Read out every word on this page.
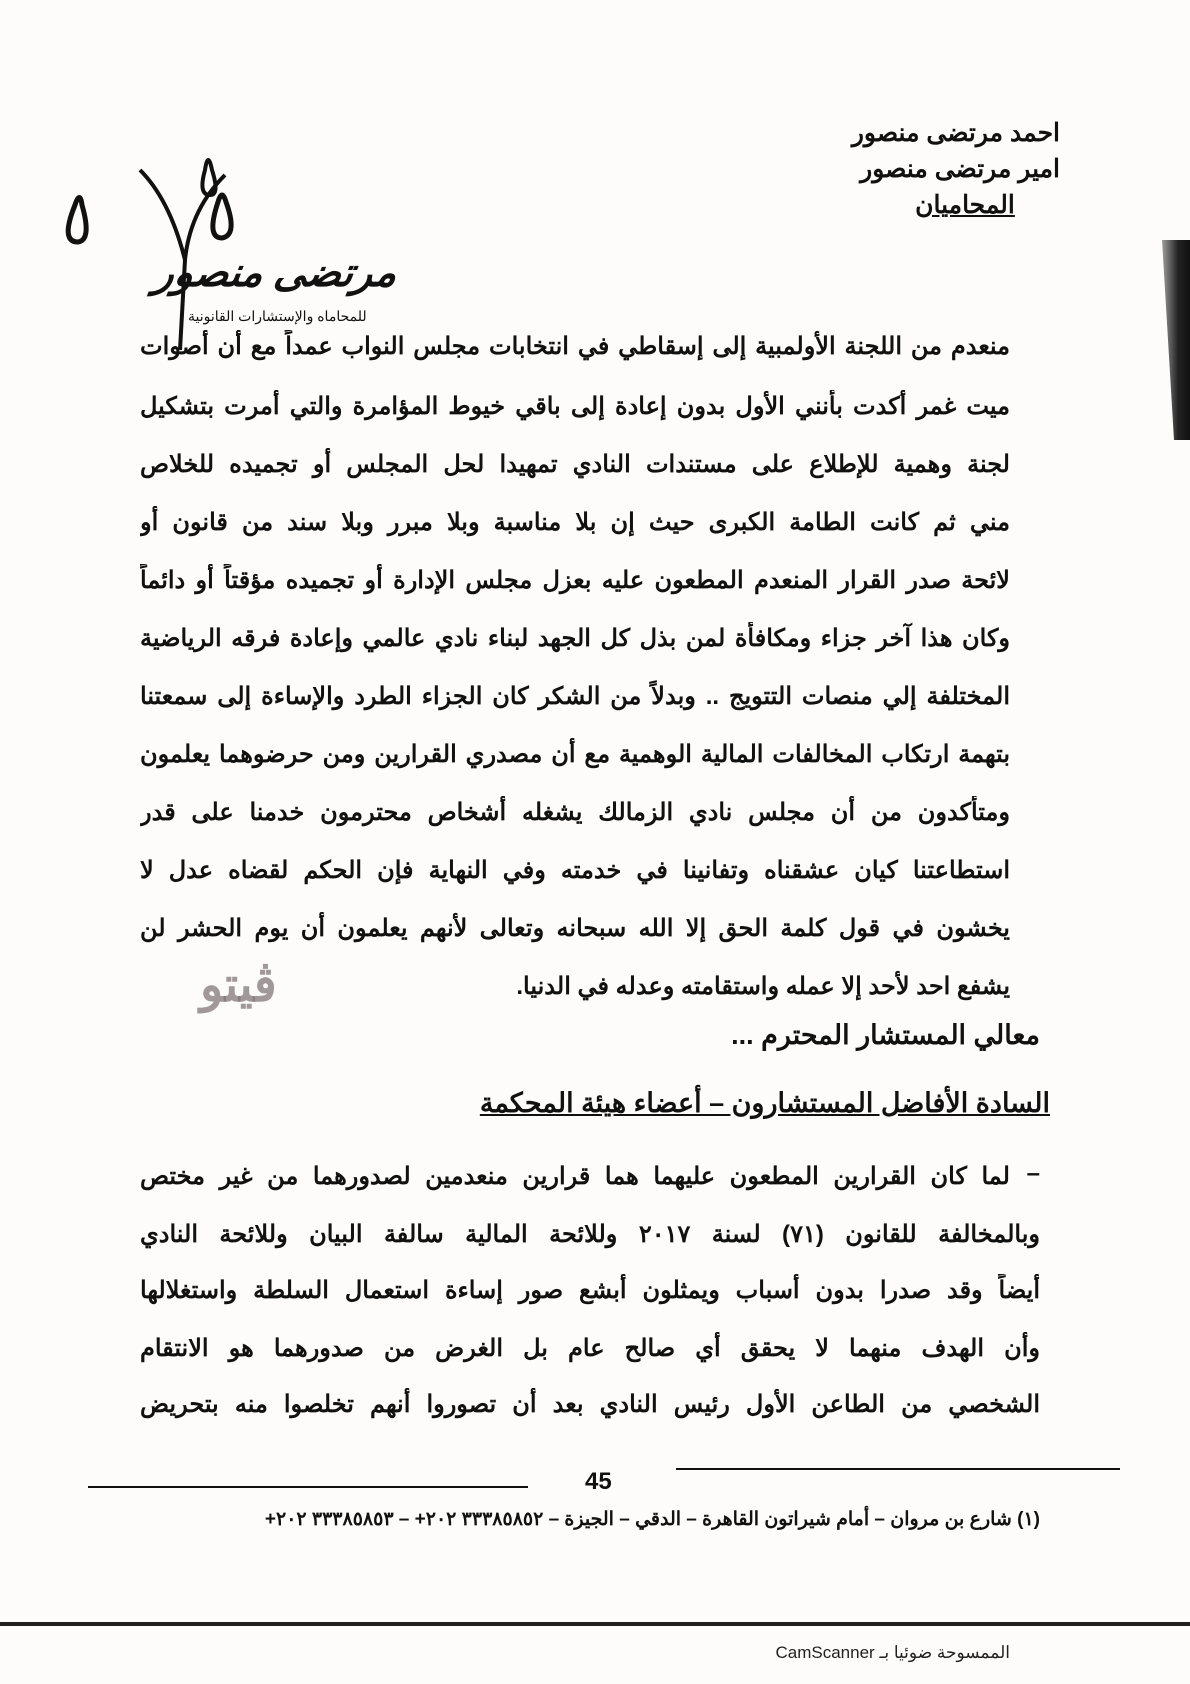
احمد مرتضى منصور
امير مرتضى منصور
المحاميان
مرتضى منصور
للمحاماه والإستشارات القانونية
منعدم من اللجنة الأولمبية إلى إسقاطي في انتخابات مجلس النواب عمداً مع أن أصوات
ميت غمر أكدت بأنني الأول بدون إعادة إلى باقي خيوط المؤامرة والتي أمرت بتشكيل
لجنة وهمية للإطلاع على مستندات النادي تمهيدا لحل المجلس أو تجميده للخلاص
مني ثم كانت الطامة الكبرى حيث إن بلا مناسبة وبلا مبرر وبلا سند من قانون أو
لائحة صدر القرار المنعدم المطعون عليه بعزل مجلس الإدارة أو تجميده مؤقتاً أو دائماً
وكان هذا آخر جزاء ومكافأة لمن بذل كل الجهد لبناء نادي عالمي وإعادة فرقه الرياضية
المختلفة إلي منصات التتويج .. وبدلاً من الشكر كان الجزاء الطرد والإساءة إلى سمعتنا
بتهمة ارتكاب المخالفات المالية الوهمية مع أن مصدري القرارين ومن حرضوهما يعلمون
ومتأكدون من أن مجلس نادي الزمالك يشغله أشخاص محترمون خدمنا على قدر
استطاعتنا كيان عشقناه وتفانينا في خدمته وفي النهاية فإن الحكم لقضاه عدل لا
يخشون في قول كلمة الحق إلا الله سبحانه وتعالى لأنهم يعلمون أن يوم الحشر لن
يشفع احد لأحد إلا عمله واستقامته وعدله في الدنيا.
ڤيتو
معالي المستشار المحترم ...
السادة الأفاضل المستشارون – أعضاء هيئة المحكمة
–
لما كان القرارين المطعون عليهما هما قرارين منعدمين لصدورهما من غير مختص
وبالمخالفة للقانون (٧١) لسنة ٢٠١٧ وللائحة المالية سالفة البيان وللائحة النادي
أيضاً وقد صدرا بدون أسباب ويمثلون أبشع صور إساءة استعمال السلطة واستغلالها
وأن الهدف منهما لا يحقق أي صالح عام بل الغرض من صدورهما هو الانتقام
الشخصي من الطاعن الأول رئيس النادي بعد أن تصوروا أنهم تخلصوا منه بتحريض
45
(١) شارع بن مروان – أمام شيراتون القاهرة – الدقي – الجيزة – ٣٣٣٨٥٨٥٢ ٢٠٢+ – ٣٣٣٨٥٨٥٣ ٢٠٢+
الممسوحة ضوئيا بـ CamScanner
